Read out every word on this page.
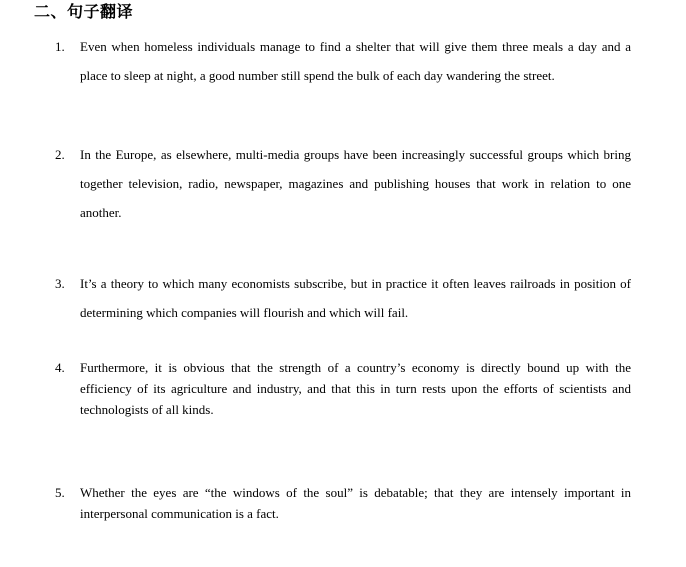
二、句子翻译
1.	Even when homeless individuals manage to find a shelter that will give them three meals a day and a place to sleep at night, a good number still spend the bulk of each day wandering the street.
2.	In the Europe, as elsewhere, multi-media groups have been increasingly successful groups which bring together television, radio, newspaper, magazines and publishing houses that work in relation to one another.
3.	It’s a theory to which many economists subscribe, but in practice it often leaves railroads in position of determining which companies will flourish and which will fail.
4.	Furthermore, it is obvious that the strength of a country’s economy is directly bound up with the efficiency of its agriculture and industry, and that this in turn rests upon the efforts of scientists and technologists of all kinds.
5.	Whether the eyes are “the windows of the soul” is debatable; that they are intensely important in interpersonal communication is a fact.
